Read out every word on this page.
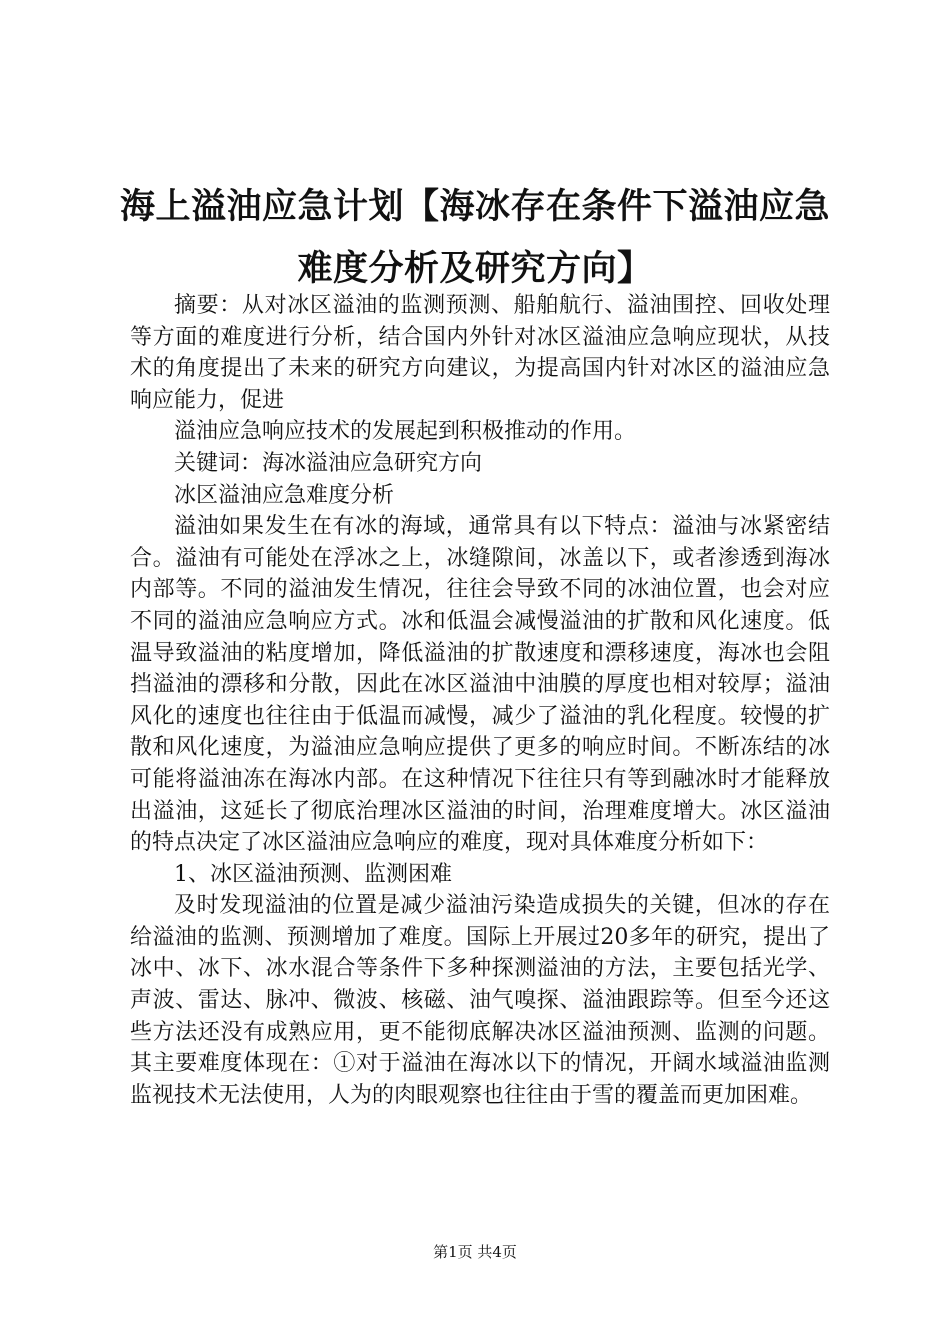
海上溢油应急计划【海冰存在条件下溢油应急难度分析及研究方向】

摘要：从对冰区溢油的监测预测、船舶航行、溢油围控、回收处理等方面的难度进行分析，结合国内外针对冰区溢油应急响应现状，从技术的角度提出了未来的研究方向建议，为提高国内针对冰区的溢油应急响应能力，促进

溢油应急响应技术的发展起到积极推动的作用。

关键词：海冰溢油应急研究方向

冰区溢油应急难度分析

溢油如果发生在有冰的海域，通常具有以下特点：溢油与冰紧密结合。溢油有可能处在浮冰之上，冰缝隙间，冰盖以下，或者渗透到海冰内部等。不同的溢油发生情况，往往会导致不同的冰油位置，也会对应不同的溢油应急响应方式。冰和低温会减慢溢油的扩散和风化速度。低温导致溢油的粘度增加，降低溢油的扩散速度和漂移速度，海冰也会阻挡溢油的漂移和分散，因此在冰区溢油中油膜的厚度也相对较厚；溢油风化的速度也往往由于低温而减慢，减少了溢油的乳化程度。较慢的扩散和风化速度，为溢油应急响应提供了更多的响应时间。不断冻结的冰可能将溢油冻在海冰内部。在这种情况下往往只有等到融冰时才能释放出溢油，这延长了彻底治理冰区溢油的时间，治理难度增大。冰区溢油的特点决定了冰区溢油应急响应的难度，现对具体难度分析如下：

1、冰区溢油预测、监测困难

及时发现溢油的位置是减少溢油污染造成损失的关键，但冰的存在给溢油的监测、预测增加了难度。国际上开展过20多年的研究，提出了冰中、冰下、冰水混合等条件下多种探测溢油的方法，主要包括光学、声波、雷达、脉冲、微波、核磁、油气嗅探、溢油跟踪等。但至今还这些方法还没有成熟应用，更不能彻底解决冰区溢油预测、监测的问题。其主要难度体现在：①对于溢油在海冰以下的情况，开阔水域溢油监测监视技术无法使用，人为的肉眼观察也往往由于雪的覆盖而更加困难。

第1页 共4页
